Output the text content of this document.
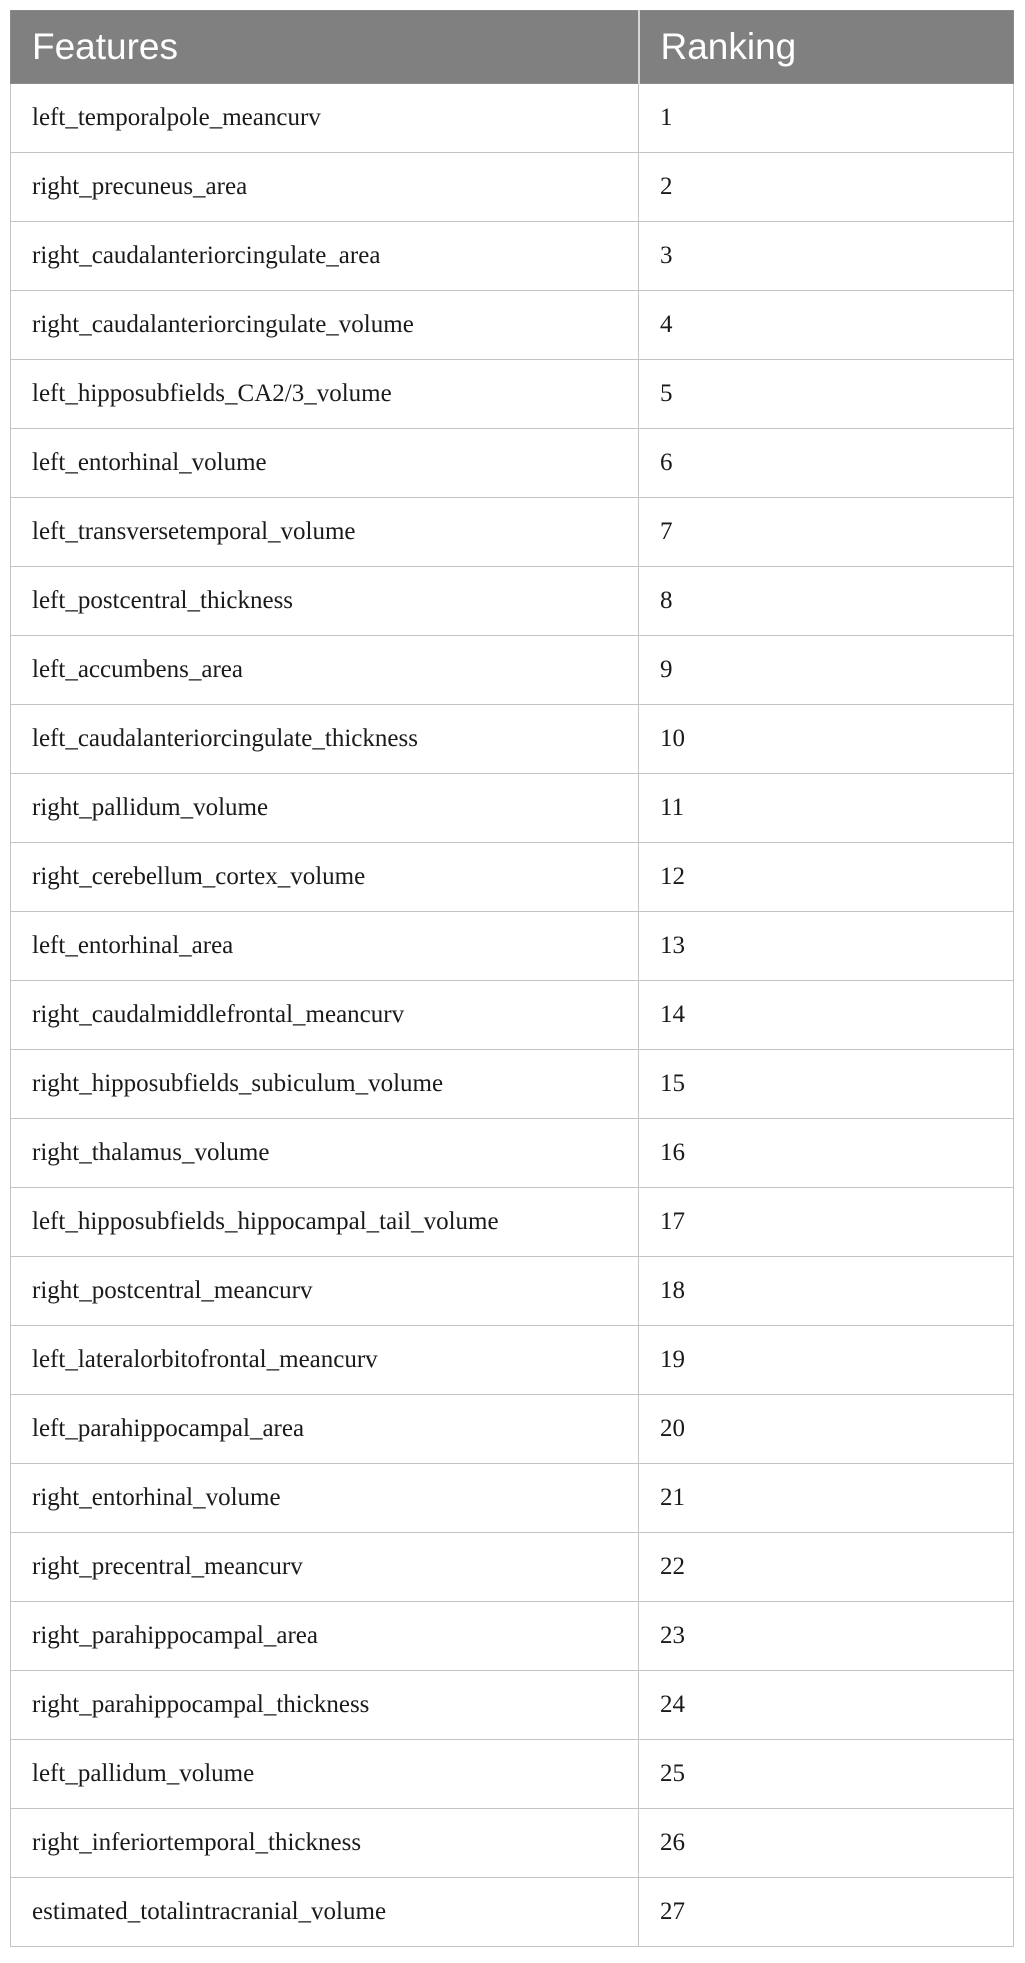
Features	Ranking
left_temporalpole_meancurv	1
right_precuneus_area	2
right_caudalanteriorcingulate_area	3
right_caudalanteriorcingulate_volume	4
left_hipposubfields_CA2/3_volume	5
left_entorhinal_volume	6
left_transversetemporal_volume	7
left_postcentral_thickness	8
left_accumbens_area	9
left_caudalanteriorcingulate_thickness	10
right_pallidum_volume	11
right_cerebellum_cortex_volume	12
left_entorhinal_area	13
right_caudalmiddlefrontal_meancurv	14
right_hipposubfields_subiculum_volume	15
right_thalamus_volume	16
left_hipposubfields_hippocampal_tail_volume	17
right_postcentral_meancurv	18
left_lateralorbitofrontal_meancurv	19
left_parahippocampal_area	20
right_entorhinal_volume	21
right_precentral_meancurv	22
right_parahippocampal_area	23
right_parahippocampal_thickness	24
left_pallidum_volume	25
right_inferiortemporal_thickness	26
estimated_totalintracranial_volume	27
